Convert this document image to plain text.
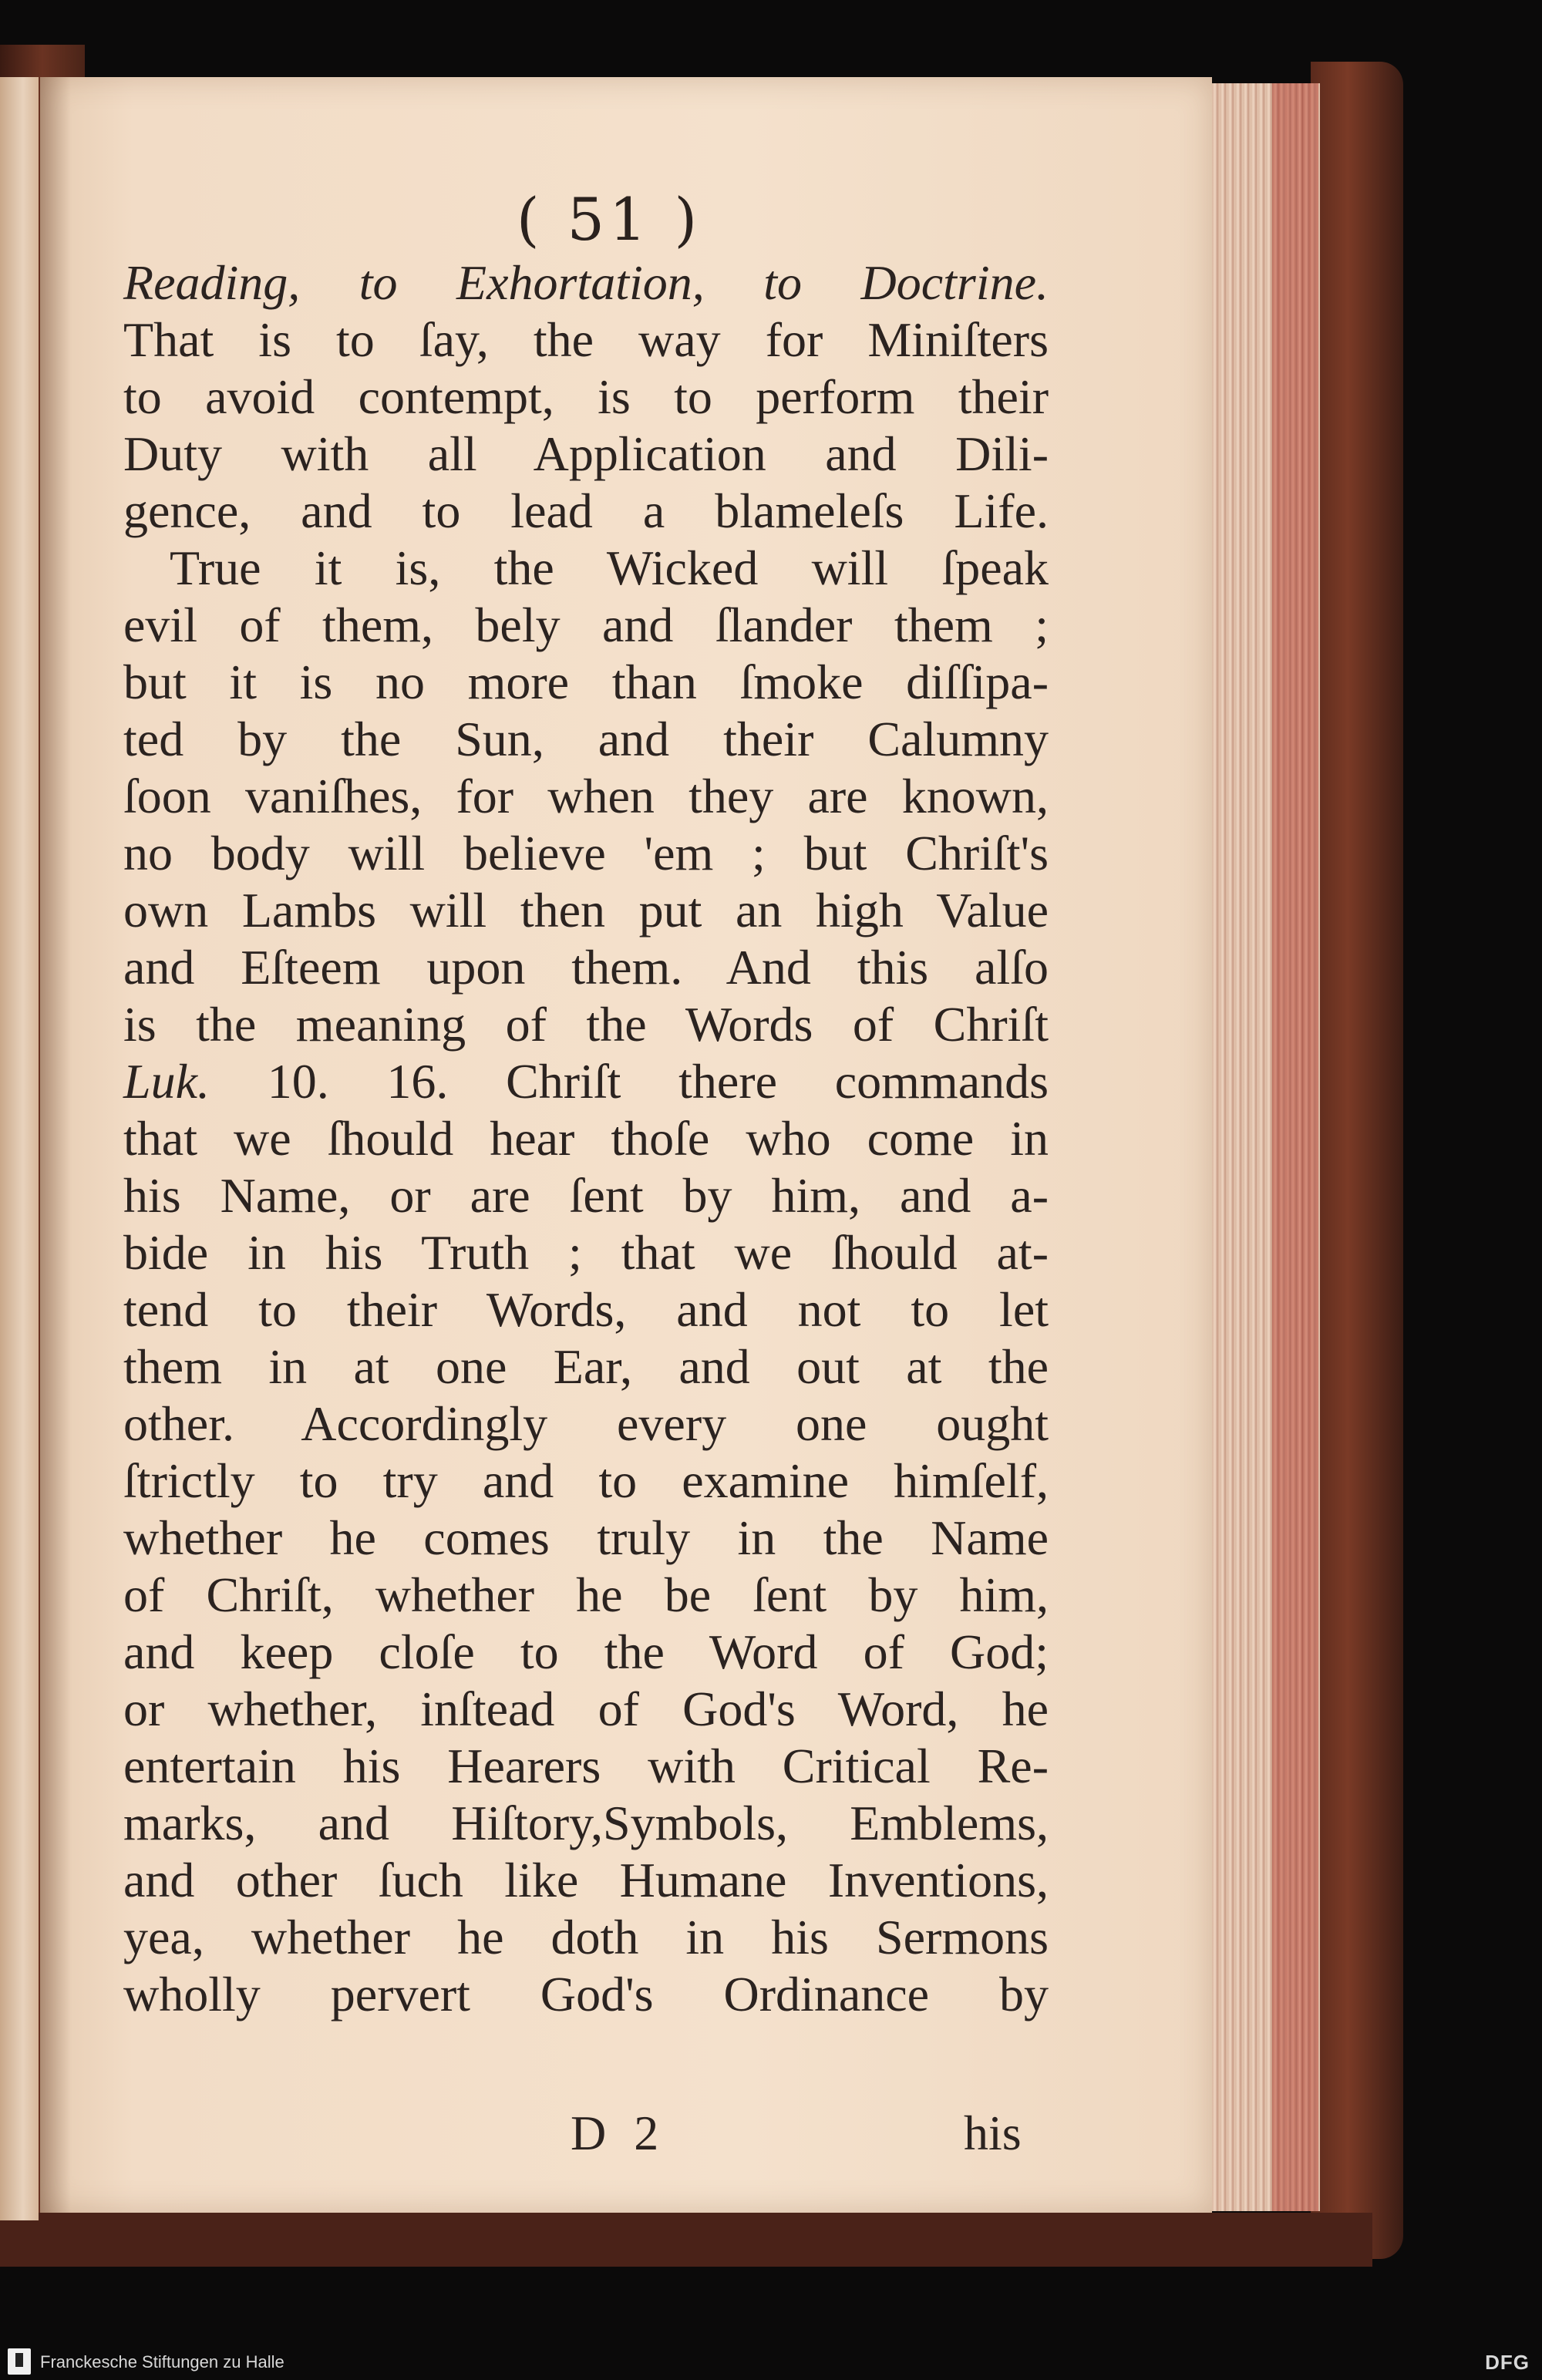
( 51 )
Reading, to Exhortation, to Doctrine.
That is to ſay, the way for Miniſters
to avoid contempt, is to perform their
Duty with all Application and Dili-
gence, and to lead a blameleſs Life.
True it is, the Wicked will ſpeak
evil of them, bely and ſlander them ;
but it is no more than ſmoke diſſipa-
ted by the Sun, and their Calumny
ſoon vaniſhes, for when they are known,
no body will believe 'em ; but Chriſt's
own Lambs will then put an high Value
and Eſteem upon them. And this alſo
is the meaning of the Words of Chriſt
Luk. 10. 16. Chriſt there commands
that we ſhould hear thoſe who come in
his Name, or are ſent by him, and a-
bide in his Truth ; that we ſhould at-
tend to their Words, and not to let
them in at one Ear, and out at the
other. Accordingly every one ought
ſtrictly to try and to examine himſelf,
whether he comes truly in the Name
of Chriſt, whether he be ſent by him,
and keep cloſe to the Word of God;
or whether, inſtead of God's Word, he
entertain his Hearers with Critical Re-
marks, and Hiſtory,Symbols, Emblems,
and other ſuch like Humane Inventions,
yea, whether he doth in his Sermons
wholly pervert God's Ordinance by
D 2	his
Franckesche Stiftungen zu Halle	DFG
